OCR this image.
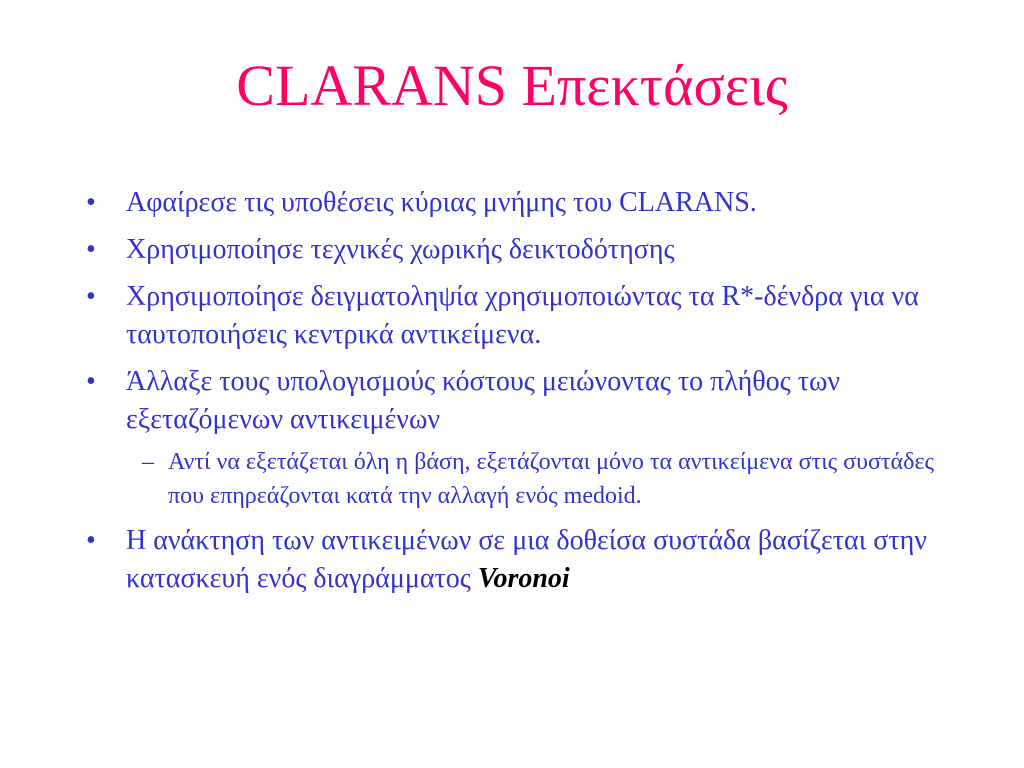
CLARANS Επεκτάσεις
• Αφαίρεσε τις υποθέσεις κύριας μνήμης του CLARANS.
• Χρησιμοποίησε τεχνικές χωρικής δεικτοδότησης
• Χρησιμοποίησε δειγματοληψία χρησιμοποιώντας τα R*-δένδρα για να ταυτοποιήσεις κεντρικά αντικείμενα.
• Άλλαξε τους υπολογισμούς κόστους μειώνοντας το πλήθος των εξεταζόμενων αντικειμένων
– Αντί να εξετάζεται όλη η βάση, εξετάζονται μόνο τα αντικείμενα στις συστάδες που επηρεάζονται κατά την αλλαγή ενός medoid.
• Η ανάκτηση των αντικειμένων σε μια δοθείσα συστάδα βασίζεται στην κατασκευή ενός διαγράμματος Voronoi
